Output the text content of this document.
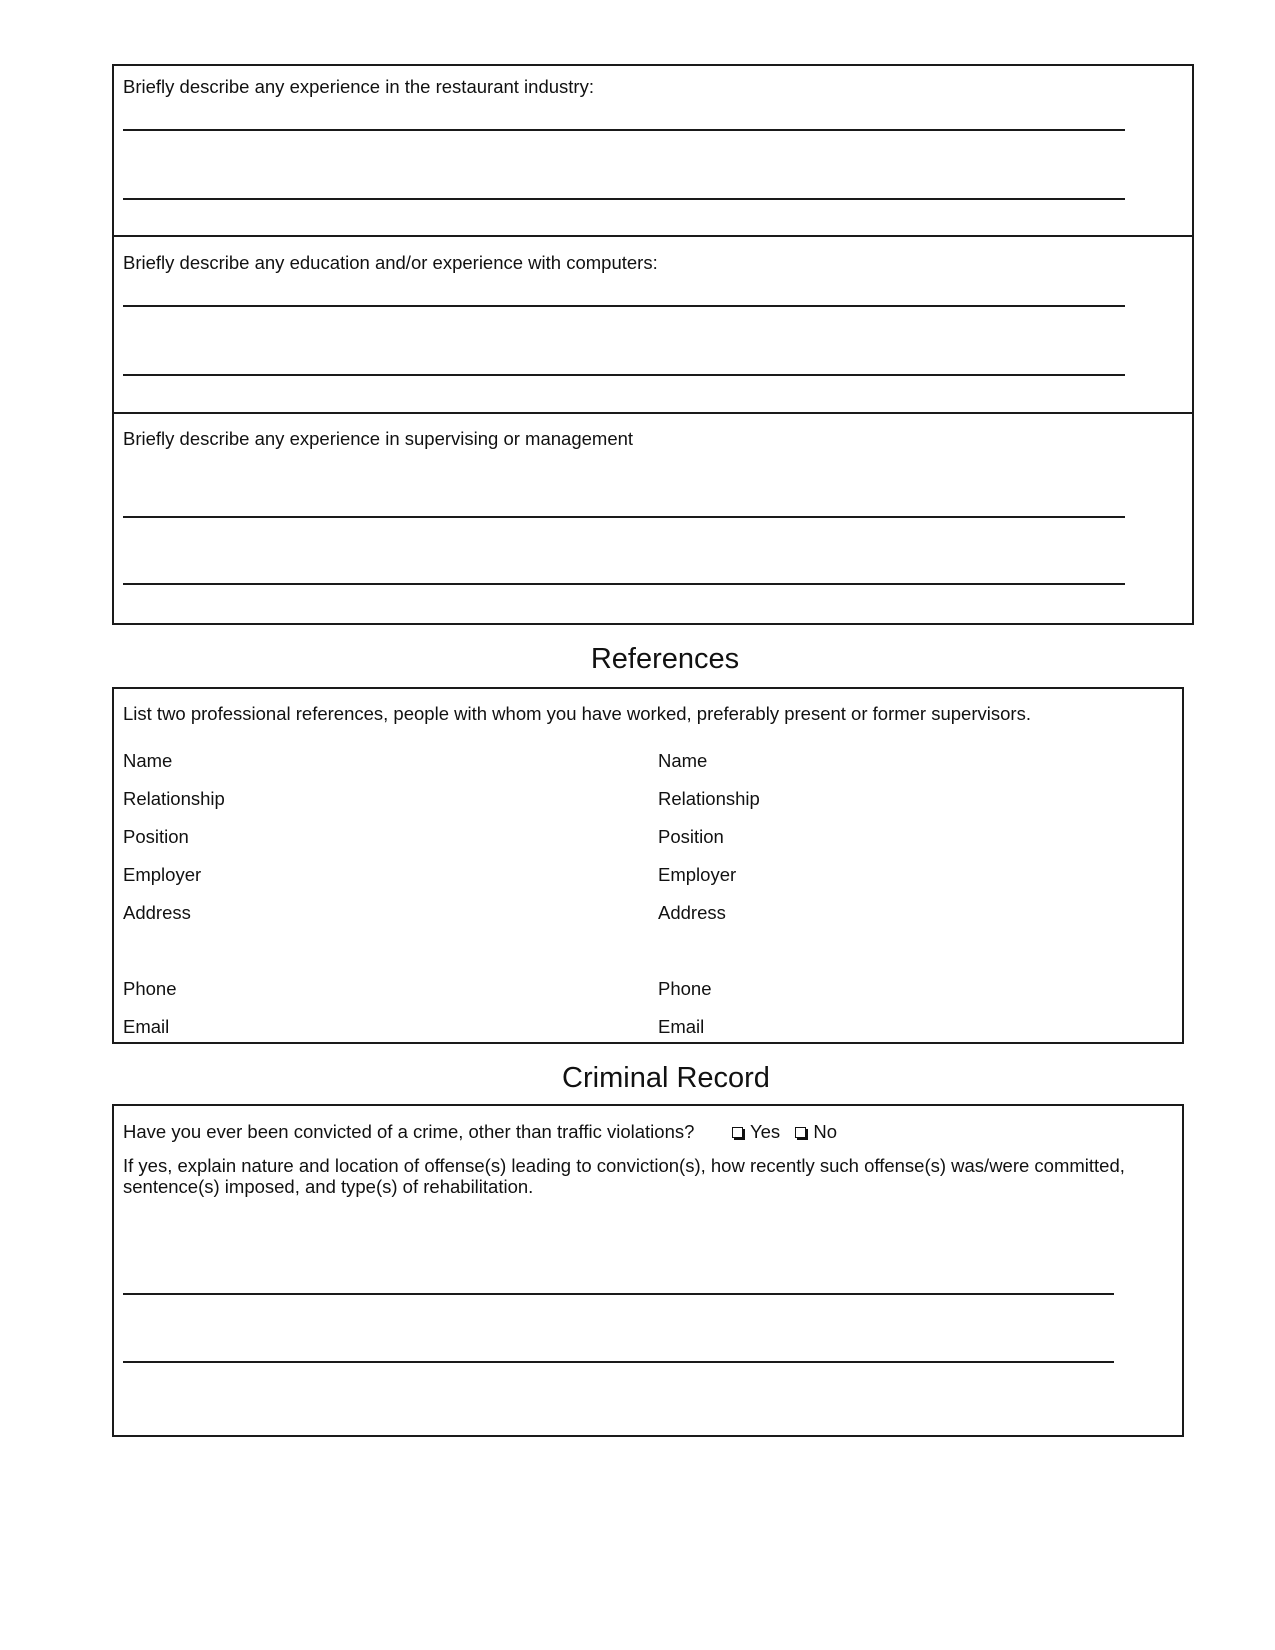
Briefly describe any experience in the restaurant industry:
Briefly describe any education and/or experience with computers:
Briefly describe any experience in supervising or management
References
List two professional references, people with whom you have worked, preferably present or former supervisors.
Name
Relationship
Position
Employer
Address
Phone
Email
Name
Relationship
Position
Employer
Address
Phone
Email
Criminal Record
Have you ever been convicted of a crime, other than traffic violations?	Yes No
If yes, explain nature and location of offense(s) leading to conviction(s), how recently such offense(s) was/were committed, sentence(s) imposed, and type(s) of rehabilitation.
